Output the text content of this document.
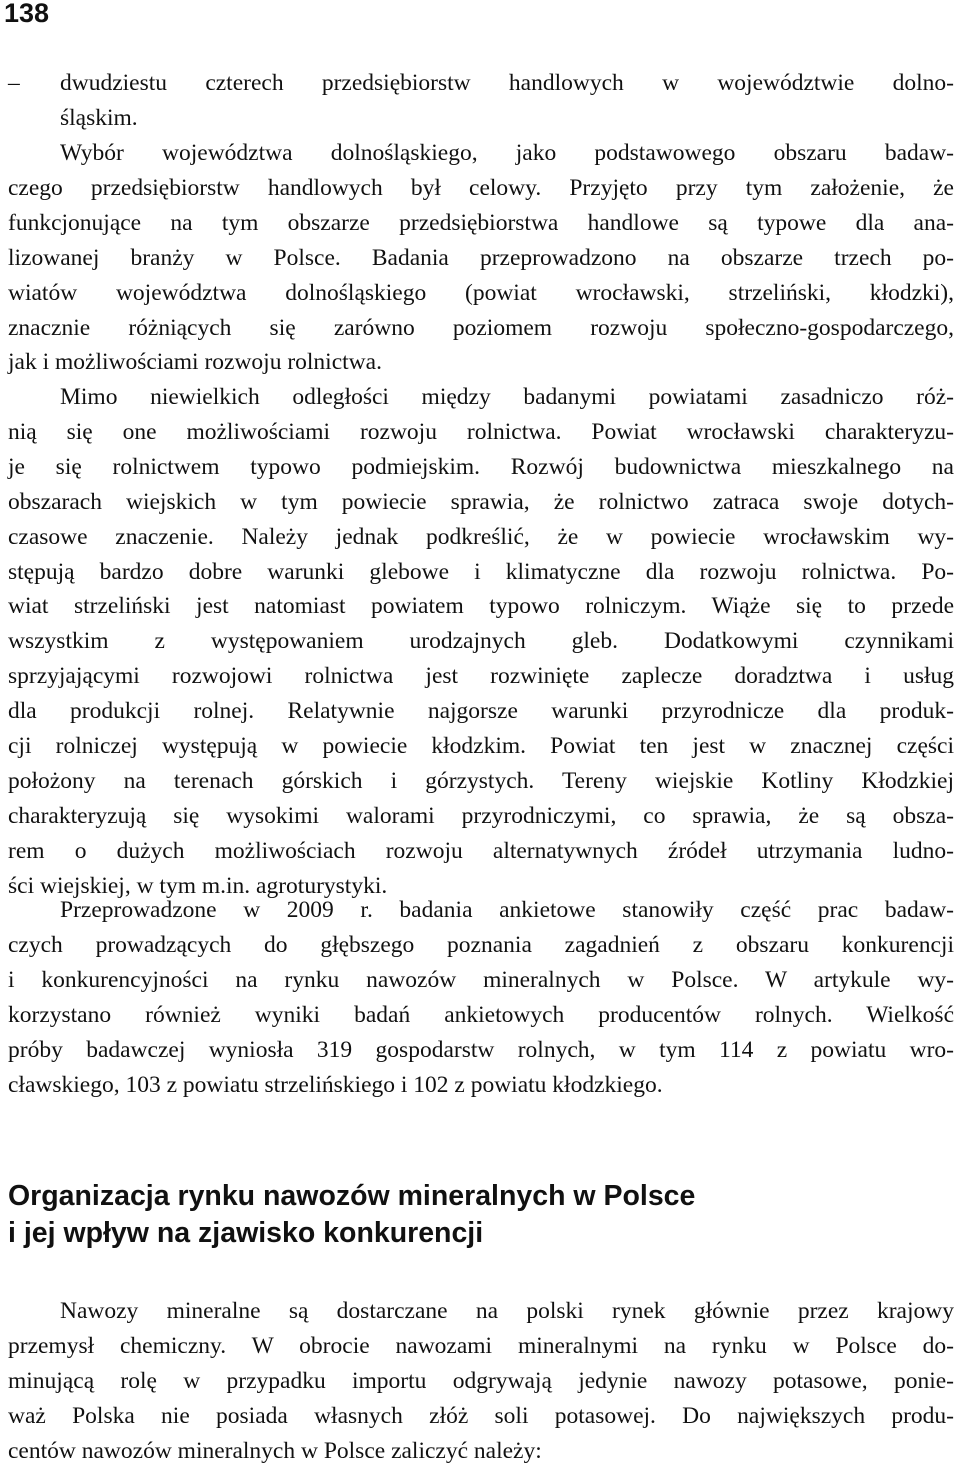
138
–	dwudziestu czterech przedsiębiorstw handlowych w województwie dolno-
śląskim.
Wybór województwa dolnośląskiego, jako podstawowego obszaru badaw-
czego przedsiębiorstw handlowych był celowy. Przyjęto przy tym założenie, że
funkcjonujące na tym obszarze przedsiębiorstwa handlowe są typowe dla ana-
lizowanej branży w Polsce. Badania przeprowadzono na obszarze trzech po-
wiatów województwa dolnośląskiego (powiat wrocławski, strzeliński, kłodzki),
znacznie różniących się zarówno poziomem rozwoju społeczno-gospodarczego,
jak i możliwościami rozwoju rolnictwa.
Mimo niewielkich odległości między badanymi powiatami zasadniczo róż-
nią się one możliwościami rozwoju rolnictwa. Powiat wrocławski charakteryzu-
je się rolnictwem typowo podmiejskim. Rozwój budownictwa mieszkalnego na
obszarach wiejskich w tym powiecie sprawia, że rolnictwo zatraca swoje dotych-
czasowe znaczenie. Należy jednak podkreślić, że w powiecie wrocławskim wy-
stępują bardzo dobre warunki glebowe i klimatyczne dla rozwoju rolnictwa. Po-
wiat strzeliński jest natomiast powiatem typowo rolniczym. Wiąże się to przede
wszystkim z występowaniem urodzajnych gleb. Dodatkowymi czynnikami
sprzyjającymi rozwojowi rolnictwa jest rozwinięte zaplecze doradztwa i usług
dla produkcji rolnej. Relatywnie najgorsze warunki przyrodnicze dla produk-
cji rolniczej występują w powiecie kłodzkim. Powiat ten jest w znacznej części
położony na terenach górskich i górzystych. Tereny wiejskie Kotliny Kłodzkiej
charakteryzują się wysokimi walorami przyrodniczymi, co sprawia, że są obsza-
rem o dużych możliwościach rozwoju alternatywnych źródeł utrzymania ludno-
ści wiejskiej, w tym m.in. agroturystyki.
Przeprowadzone w 2009 r. badania ankietowe stanowiły część prac badaw-
czych prowadzących do głębszego poznania zagadnień z obszaru konkurencji
i konkurencyjności na rynku nawozów mineralnych w Polsce. W artykule wy-
korzystano również wyniki badań ankietowych producentów rolnych. Wielkość
próby badawczej wyniosła 319 gospodarstw rolnych, w tym 114 z powiatu wro-
cławskiego, 103 z powiatu strzelińskiego i 102 z powiatu kłodzkiego.
Organizacja rynku nawozów mineralnych w Polsce
i jej wpływ na zjawisko konkurencji
Nawozy mineralne są dostarczane na polski rynek głównie przez krajowy
przemysł chemiczny. W obrocie nawozami mineralnymi na rynku w Polsce do-
minującą rolę w przypadku importu odgrywają jedynie nawozy potasowe, ponie-
waż Polska nie posiada własnych złóż soli potasowej. Do największych produ-
centów nawozów mineralnych w Polsce zaliczyć należy:
